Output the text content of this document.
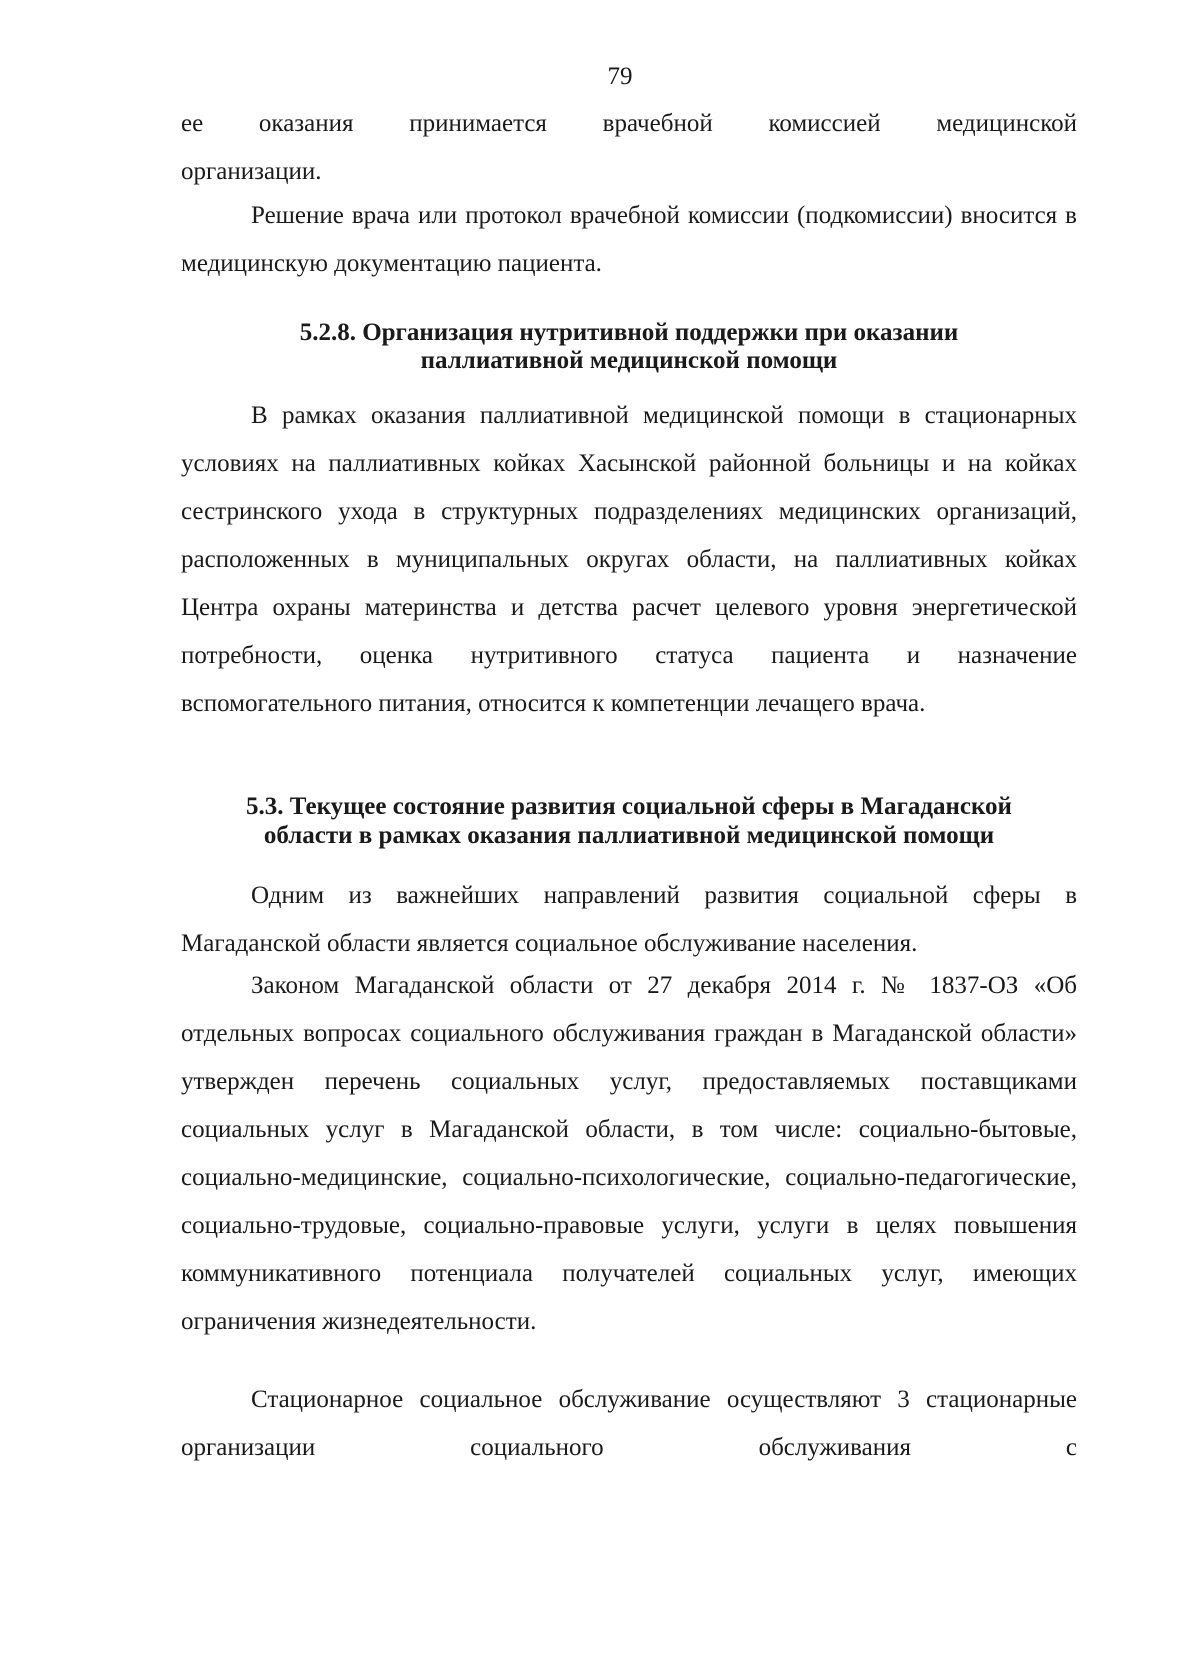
79

ее оказания принимается врачебной комиссией медицинской

организации.

Решение врача или протокол врачебной комиссии (подкомиссии) вносится в медицинскую документацию пациента.

5.2.8. Организация нутритивной поддержки при оказании

паллиативной медицинской помощи

В рамках оказания паллиативной медицинской помощи в стационарных условиях на паллиативных койках Хасынской районной больницы и на койках сестринского ухода в структурных подразделениях медицинских организаций, расположенных в муниципальных округах области, на паллиативных койках Центра охраны материнства и детства расчет целевого уровня энергетической потребности, оценка нутритивного статуса пациента и назначение вспомогательного питания, относится к компетенции лечащего врача.

5.3. Текущее состояние развития социальной сферы в Магаданской

области в рамках оказания паллиативной медицинской помощи

Одним из важнейших направлений развития социальной сферы в Магаданской области является социальное обслуживание населения.

Законом Магаданской области от 27 декабря 2014 г. № 1837-ОЗ «Об отдельных вопросах социального обслуживания граждан в Магаданской области» утвержден перечень социальных услуг, предоставляемых поставщиками социальных услуг в Магаданской области, в том числе: социально-бытовые, социально-медицинские, социально-психологические, социально-педагогические, социально-трудовые, социально-правовые услуги, услуги в целях повышения коммуникативного потенциала получателей социальных услуг, имеющих ограничения жизнедеятельности.

Стационарное социальное обслуживание осуществляют 3 стационарные организации социального обслуживания с
